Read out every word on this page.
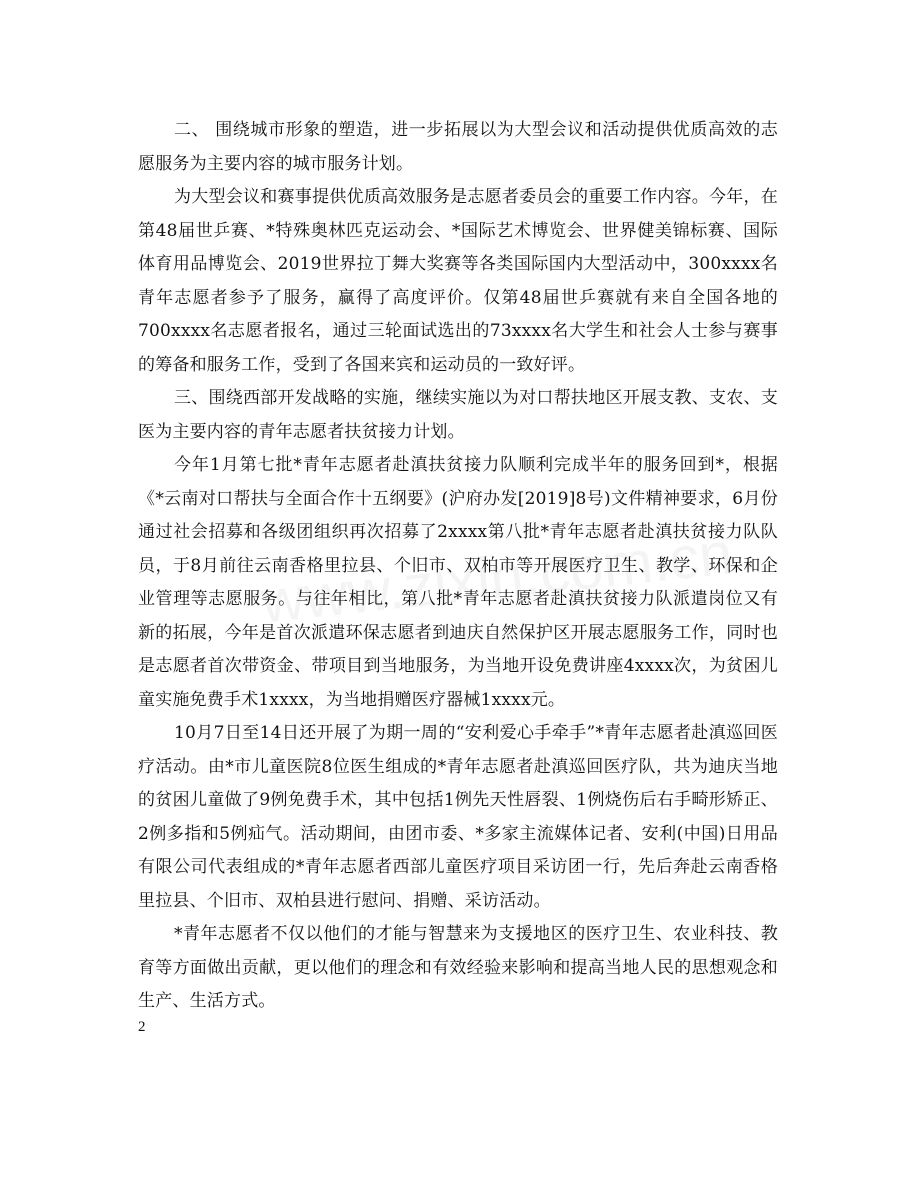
二、 围绕城市形象的塑造，进一步拓展以为大型会议和活动提供优质高效的志愿服务为主要内容的城市服务计划。

为大型会议和赛事提供优质高效服务是志愿者委员会的重要工作内容。今年，在第48届世乒赛、*特殊奥林匹克运动会、*国际艺术博览会、世界健美锦标赛、国际体育用品博览会、2019世界拉丁舞大奖赛等各类国际国内大型活动中，300xxxx名青年志愿者参予了服务，赢得了高度评价。仅第48届世乒赛就有来自全国各地的700xxxx名志愿者报名，通过三轮面试选出的73xxxx名大学生和社会人士参与赛事的筹备和服务工作，受到了各国来宾和运动员的一致好评。

三、围绕西部开发战略的实施，继续实施以为对口帮扶地区开展支教、支农、支医为主要内容的青年志愿者扶贫接力计划。

今年1月第七批*青年志愿者赴滇扶贫接力队顺利完成半年的服务回到*，根据《*云南对口帮扶与全面合作十五纲要》(沪府办发[2019]8号)文件精神要求，6月份通过社会招募和各级团组织再次招募了2xxxx第八批*青年志愿者赴滇扶贫接力队队员，于8月前往云南香格里拉县、个旧市、双柏市等开展医疗卫生、教学、环保和企业管理等志愿服务。与往年相比，第八批*青年志愿者赴滇扶贫接力队派遣岗位又有新的拓展，今年是首次派遣环保志愿者到迪庆自然保护区开展志愿服务工作，同时也是志愿者首次带资金、带项目到当地服务，为当地开设免费讲座4xxxx次，为贫困儿童实施免费手术1xxxx，为当地捐赠医疗器械1xxxx元。

10月7日至14日还开展了为期一周的“安利爱心手牵手”*青年志愿者赴滇巡回医疗活动。由*市儿童医院8位医生组成的*青年志愿者赴滇巡回医疗队，共为迪庆当地的贫困儿童做了9例免费手术，其中包括1例先天性唇裂、1例烧伤后右手畸形矫正、2例多指和5例疝气。活动期间，由团市委、*多家主流媒体记者、安利(中国)日用品有限公司代表组成的*青年志愿者西部儿童医疗项目采访团一行，先后奔赴云南香格里拉县、个旧市、双柏县进行慰问、捐赠、采访活动。

*青年志愿者不仅以他们的才能与智慧来为支援地区的医疗卫生、农业科技、教育等方面做出贡献，更以他们的理念和有效经验来影响和提高当地人民的思想观念和生产、生活方式。

2
